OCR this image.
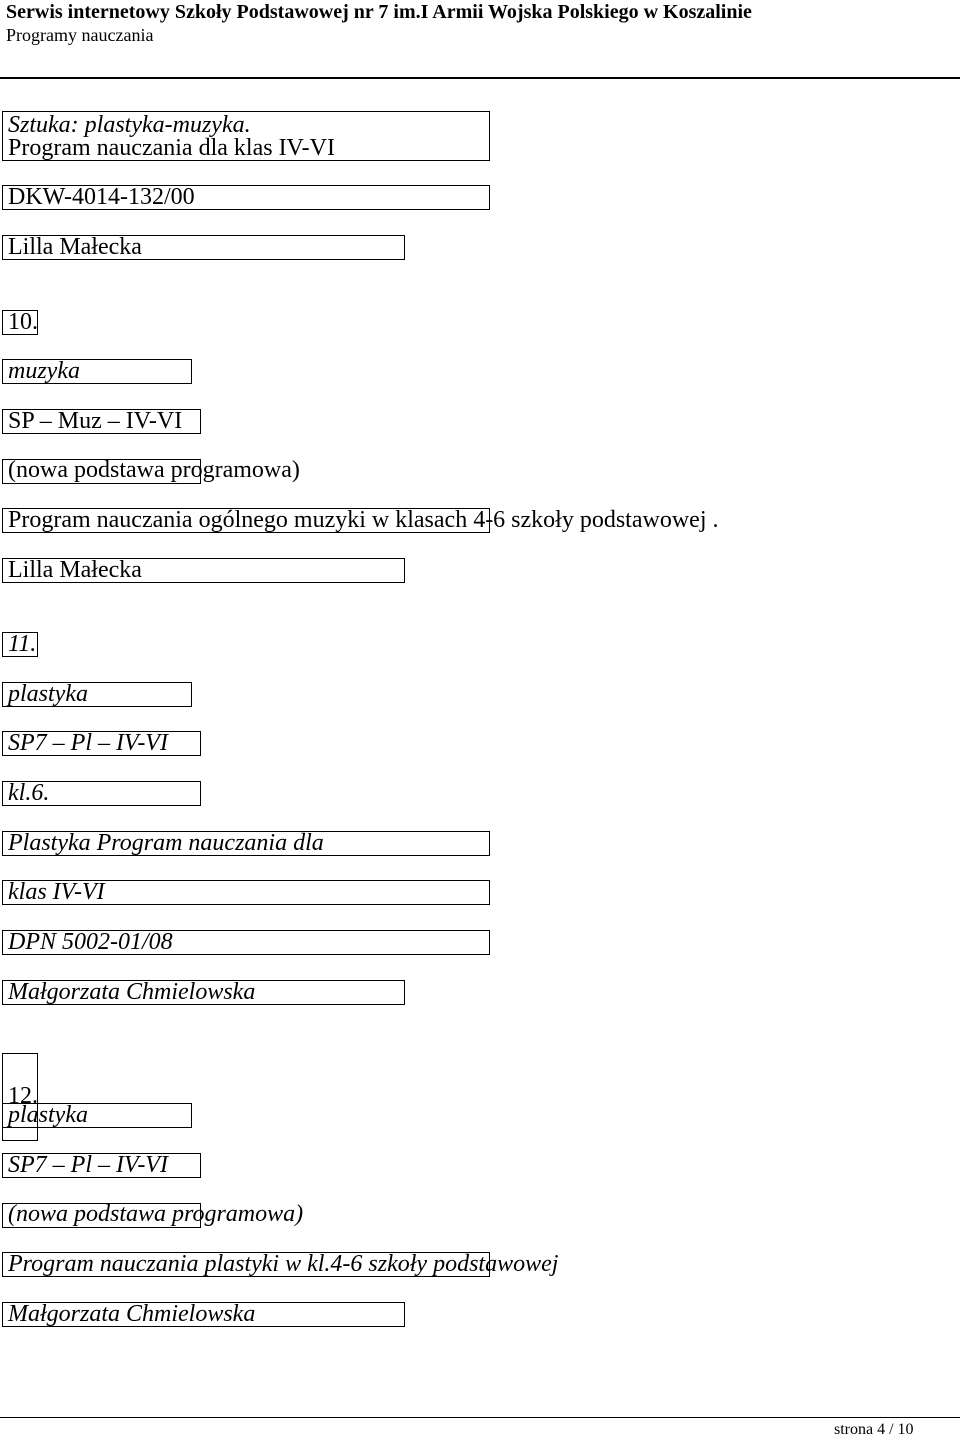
Serwis internetowy Szkoły Podstawowej nr 7 im.I Armii Wojska Polskiego w Koszalinie
Programy nauczania
Sztuka: plastyka-muzyka.
Program nauczania dla klas IV-VI
DKW-4014-132/00
Lilla Małecka
10.
muzyka
SP – Muz – IV-VI
(nowa podstawa programowa)
Program nauczania ogólnego muzyki w klasach 4-6 szkoły podstawowej .
Lilla Małecka
11.
plastyka
SP7 – Pl – IV-VI
kl.6.
Plastyka Program nauczania dla
klas IV-VI
DPN 5002-01/08
Małgorzata Chmielowska
12.
plastyka
SP7 – Pl – IV-VI
(nowa podstawa programowa)
Program nauczania plastyki w kl.4-6 szkoły podstawowej
Małgorzata Chmielowska
strona 4 / 10
